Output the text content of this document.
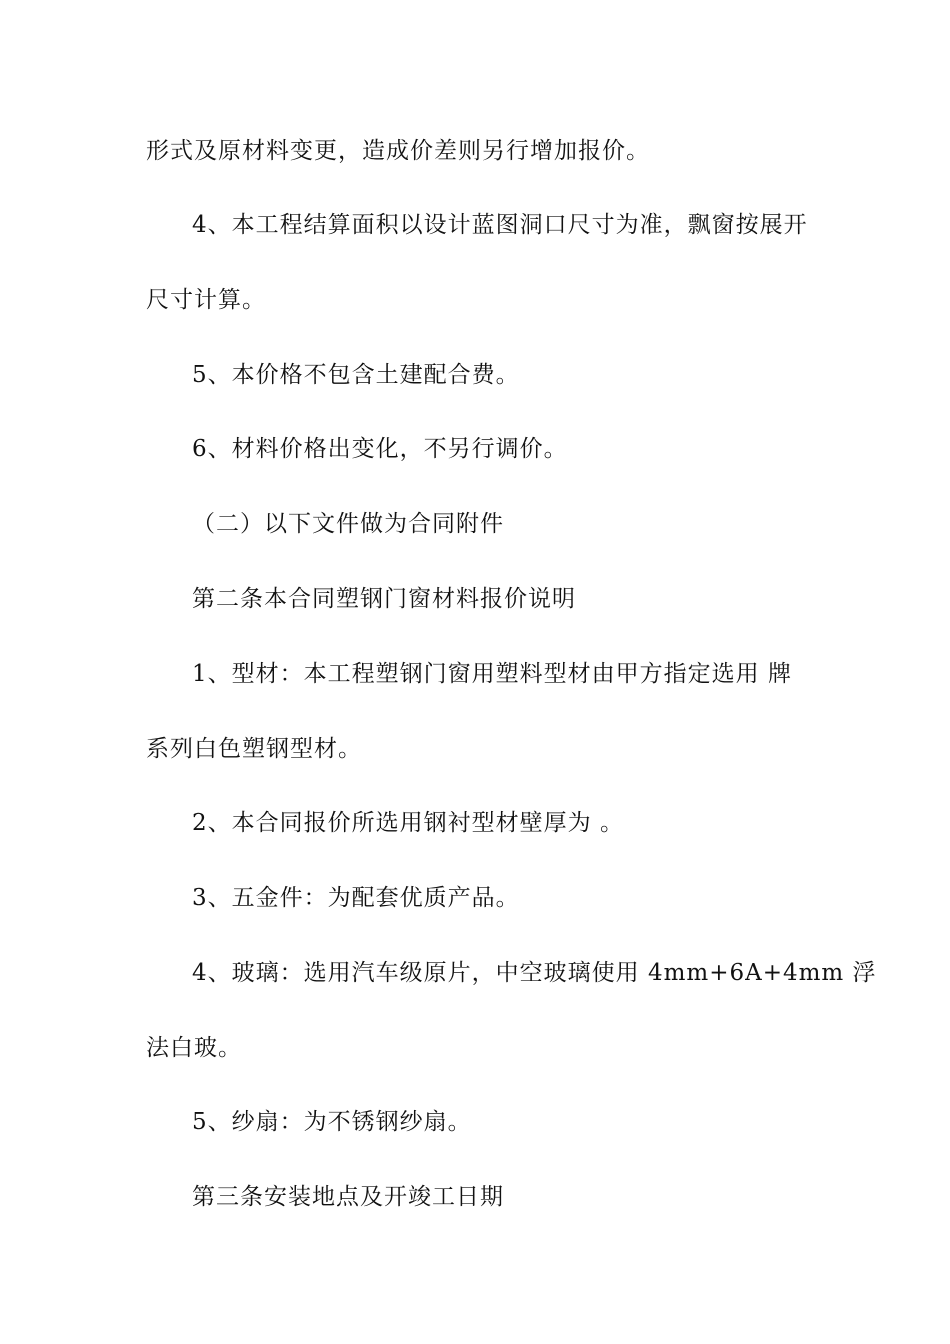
形式及原材料变更，造成价差则另行增加报价。
4、本工程结算面积以设计蓝图洞口尺寸为准，飘窗按展开
尺寸计算。
5、本价格不包含土建配合费。
6、材料价格出变化，不另行调价。
（二）以下文件做为合同附件
第二条本合同塑钢门窗材料报价说明
1、型材：本工程塑钢门窗用塑料型材由甲方指定选用 牌
系列白色塑钢型材。
2、本合同报价所选用钢衬型材壁厚为 。
3、五金件：为配套优质产品。
4、玻璃：选用汽车级原片，中空玻璃使用 4mm+6A+4mm 浮
法白玻。
5、纱扇：为不锈钢纱扇。
第三条安装地点及开竣工日期
